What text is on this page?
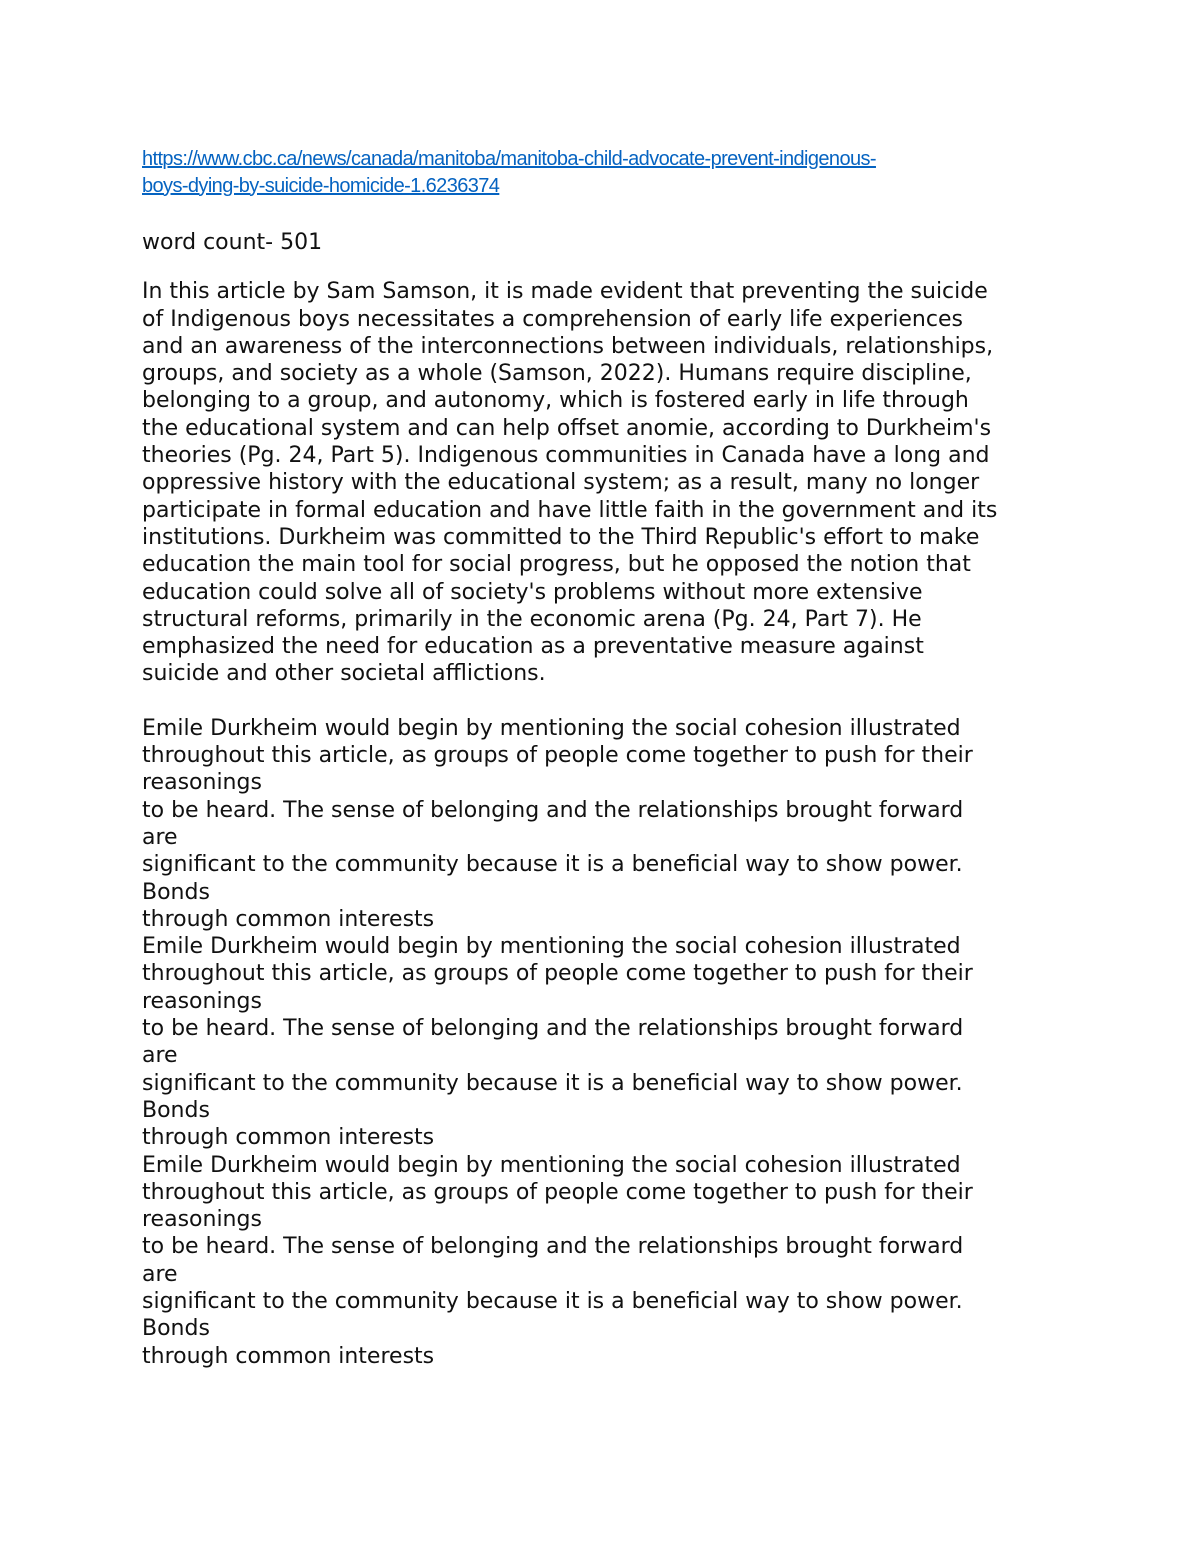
https://www.cbc.ca/news/canada/manitoba/manitoba-child-advocate-prevent-indigenous-

boys-dying-by-suicide-homicide-1.6236374

word count- 501

In this article by Sam Samson, it is made evident that preventing the suicide

of Indigenous boys necessitates a comprehension of early life experiences

and an awareness of the interconnections between individuals, relationships,

groups, and society as a whole (Samson, 2022). Humans require discipline,

belonging to a group, and autonomy, which is fostered early in life through

the educational system and can help offset anomie, according to Durkheim's

theories (Pg. 24, Part 5). Indigenous communities in Canada have a long and

oppressive history with the educational system; as a result, many no longer

participate in formal education and have little faith in the government and its

institutions. Durkheim was committed to the Third Republic's effort to make

education the main tool for social progress, but he opposed the notion that

education could solve all of society's problems without more extensive

structural reforms, primarily in the economic arena (Pg. 24, Part 7). He

emphasized the need for education as a preventative measure against

suicide and other societal afflictions.

Emile Durkheim would begin by mentioning the social cohesion illustrated

throughout this article, as groups of people come together to push for their

reasonings

to be heard. The sense of belonging and the relationships brought forward

are

significant to the community because it is a beneficial way to show power.

Bonds

through common interests

Emile Durkheim would begin by mentioning the social cohesion illustrated

throughout this article, as groups of people come together to push for their

reasonings

to be heard. The sense of belonging and the relationships brought forward

are

significant to the community because it is a beneficial way to show power.

Bonds

through common interests

Emile Durkheim would begin by mentioning the social cohesion illustrated

throughout this article, as groups of people come together to push for their

reasonings

to be heard. The sense of belonging and the relationships brought forward

are

significant to the community because it is a beneficial way to show power.

Bonds

through common interests
